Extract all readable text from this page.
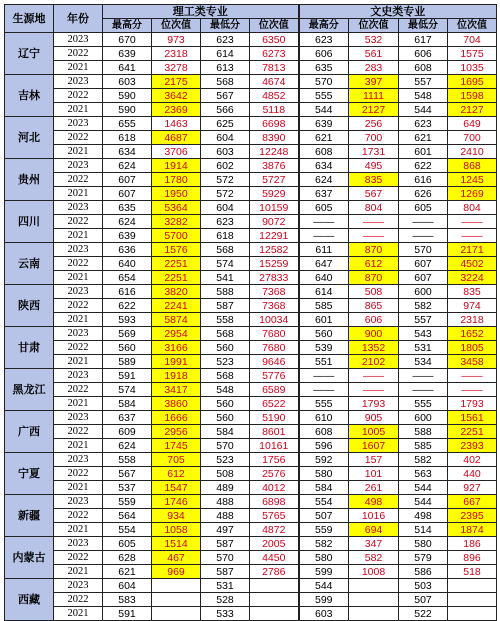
生源地	年份	理工类专业				文史类专业			
		最高分	位次值	最低分	位次值	最高分	位次值	最低分	位次值
辽宁	2023	670	973	623	6350	623	532	617	704
	2022	639	2318	614	6273	606	561	606	1575
	2021	641	3278	613	7813	635	283	608	1035
吉林	2023	603	2175	568	4674	570	397	557	1695
	2022	590	3642	567	4852	555	1111	548	1598
	2021	590	2369	566	5118	544	2127	544	2127
河北	2023	655	1463	625	6698	639	256	623	649
	2022	618	4687	604	8390	621	700	621	700
	2021	634	3706	603	12248	608	1731	601	2410
贵州	2023	624	1914	602	3876	634	495	622	868
	2022	607	1780	572	5727	624	835	616	1245
	2021	607	1950	572	5929	637	567	626	1269
四川	2023	635	5364	604	10159	605	804	605	804
	2022	624	3282	623	9072	——	——	——	——
	2021	639	5700	618	12291	——	——	——	——
云南	2023	636	1576	568	12582	611	870	570	2171
	2022	640	2251	574	15259	647	612	607	4502
	2021	654	2251	541	27833	640	870	607	3224
陕西	2023	616	3820	588	7368	614	508	600	835
	2022	622	2241	587	7368	585	865	582	974
	2021	593	5874	558	10034	601	606	557	2318
甘肃	2023	569	2954	568	7680	560	900	543	1652
	2022	560	3166	560	7680	539	1352	531	1805
	2021	589	1991	523	9646	551	2102	534	3458
黑龙江	2023	591	1918	568	5776	——	——	——	——
	2022	574	3417	548	6589	——	——	——	——
	2021	584	3860	560	6522	555	1793	555	1793
广西	2023	637	1666	560	5190	610	905	600	1561
	2022	609	2956	584	8601	608	1005	588	2251
	2021	624	1745	570	10161	596	1607	585	2393
宁夏	2023	558	705	523	1756	592	157	582	402
	2022	567	612	508	2576	580	101	563	440
	2021	537	1547	489	4012	584	261	544	927
新疆	2023	559	1746	488	6898	554	498	544	667
	2022	564	934	488	5765	507	1016	498	2395
	2021	554	1058	497	4872	559	694	514	1874
内蒙古	2023	605	1514	587	2005	582	347	580	186
	2022	628	467	570	4450	580	582	579	896
	2021	621	969	587	2786	599	1008	586	518
西藏	2023	604		531		544		503	
	2022	583		528		599		507	
	2021	591		533		603		522	
